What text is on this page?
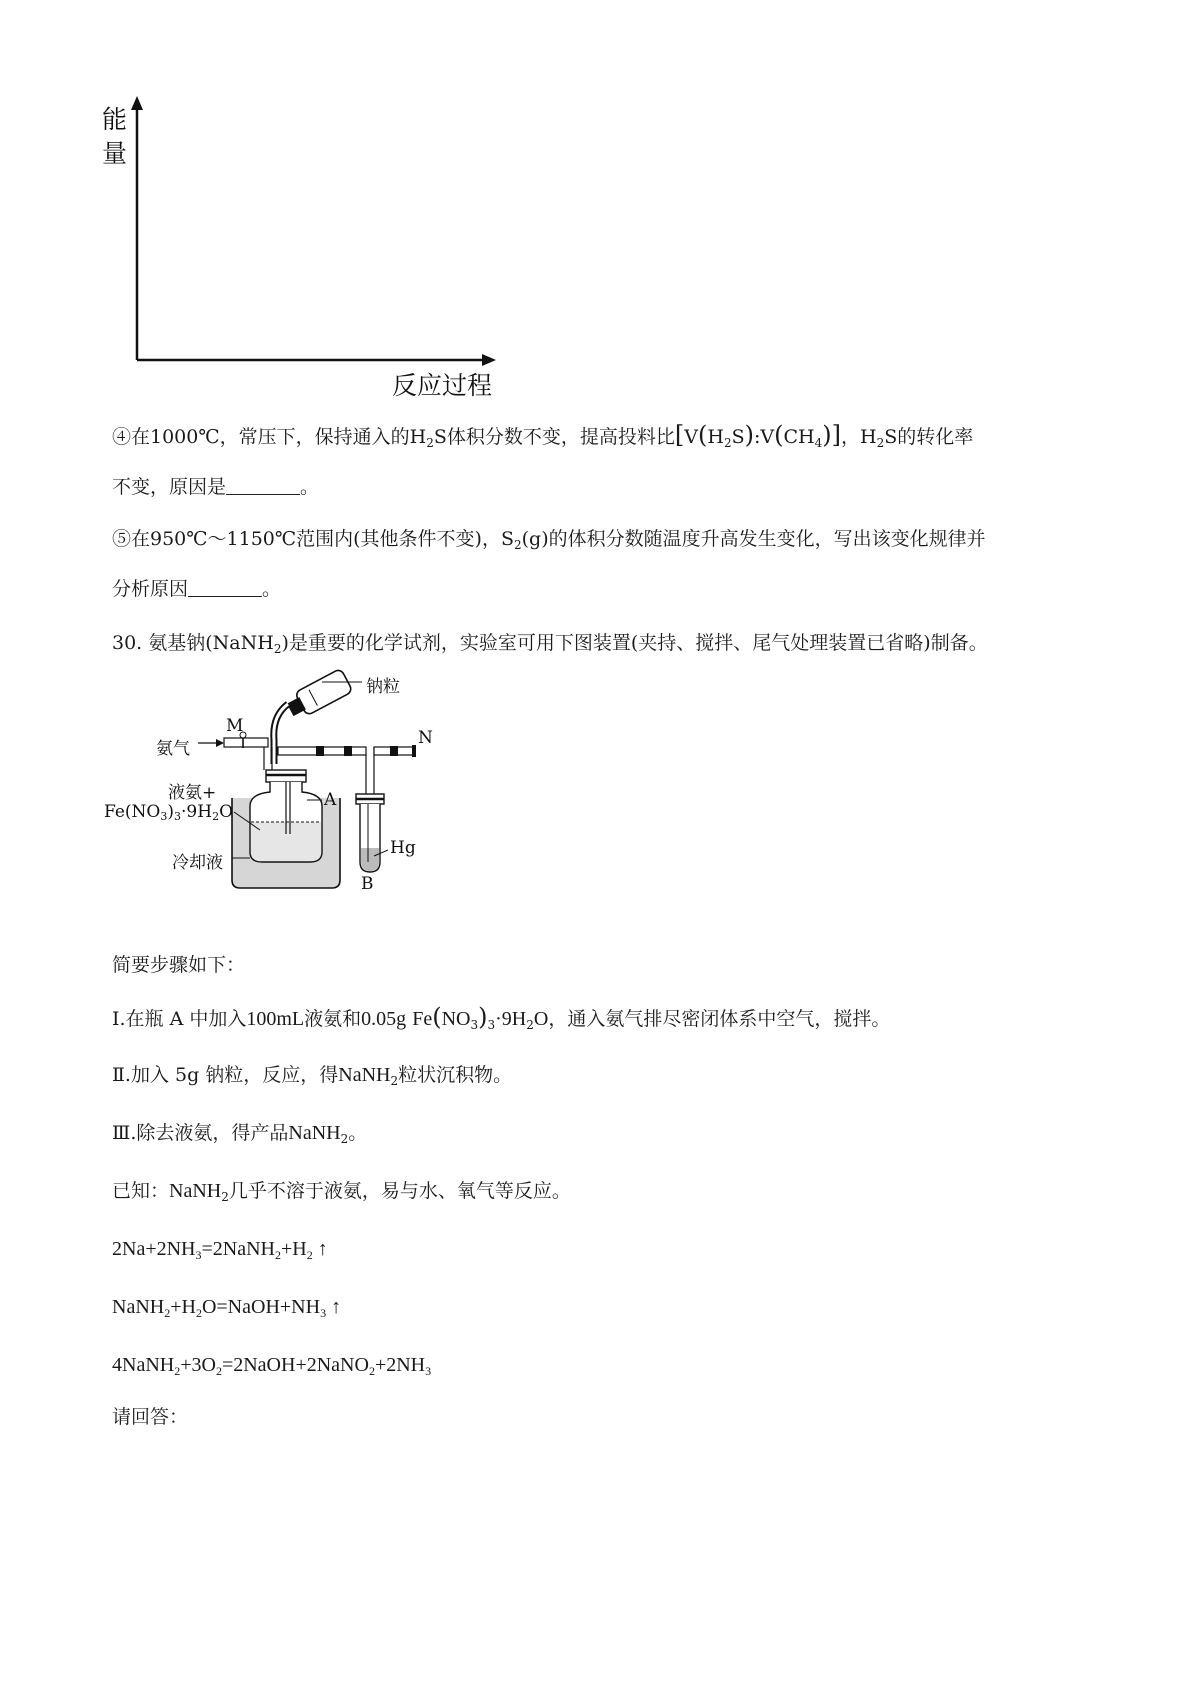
能
量
反应过程
④在1000℃，常压下，保持通入的$H_2S$体积分数不变，提高投料比$[V(H_2S):V(CH_4)]$，$H_2S$的转化率
不变，原因是	。
⑤在950℃～1150℃范围内(其他条件不变)，$S_2(g)$的体积分数随温度升高发生变化，写出该变化规律并
分析原因	。
30. 氨基钠(NaNH$_2$)是重要的化学试剂，实验室可用下图装置(夹持、搅拌、尾气处理装置已省略)制备。
钠粒
M
N
氨气
液氨+
$Fe(NO_3)_3\cdot 9H_2O$
A
Hg
B
冷却液
简要步骤如下：
Ⅰ.在瓶 A 中加入100mL液氨和0.05g $Fe(NO_3)_3\cdot 9H_2O$，通入氨气排尽密闭体系中空气，搅拌。
Ⅱ.加入 5g 钠粒，反应，得NaNH$_2$粒状沉积物。
Ⅲ.除去液氨，得产品NaNH$_2$。
已知：NaNH$_2$几乎不溶于液氨，易与水、氧气等反应。
$2Na+2NH_3=2NaNH_2+H_2$ ↑
$NaNH_2+H_2O=NaOH+NH_3$ ↑
$4NaNH_2+3O_2=2NaOH+2NaNO_2+2NH_3$
请回答：
